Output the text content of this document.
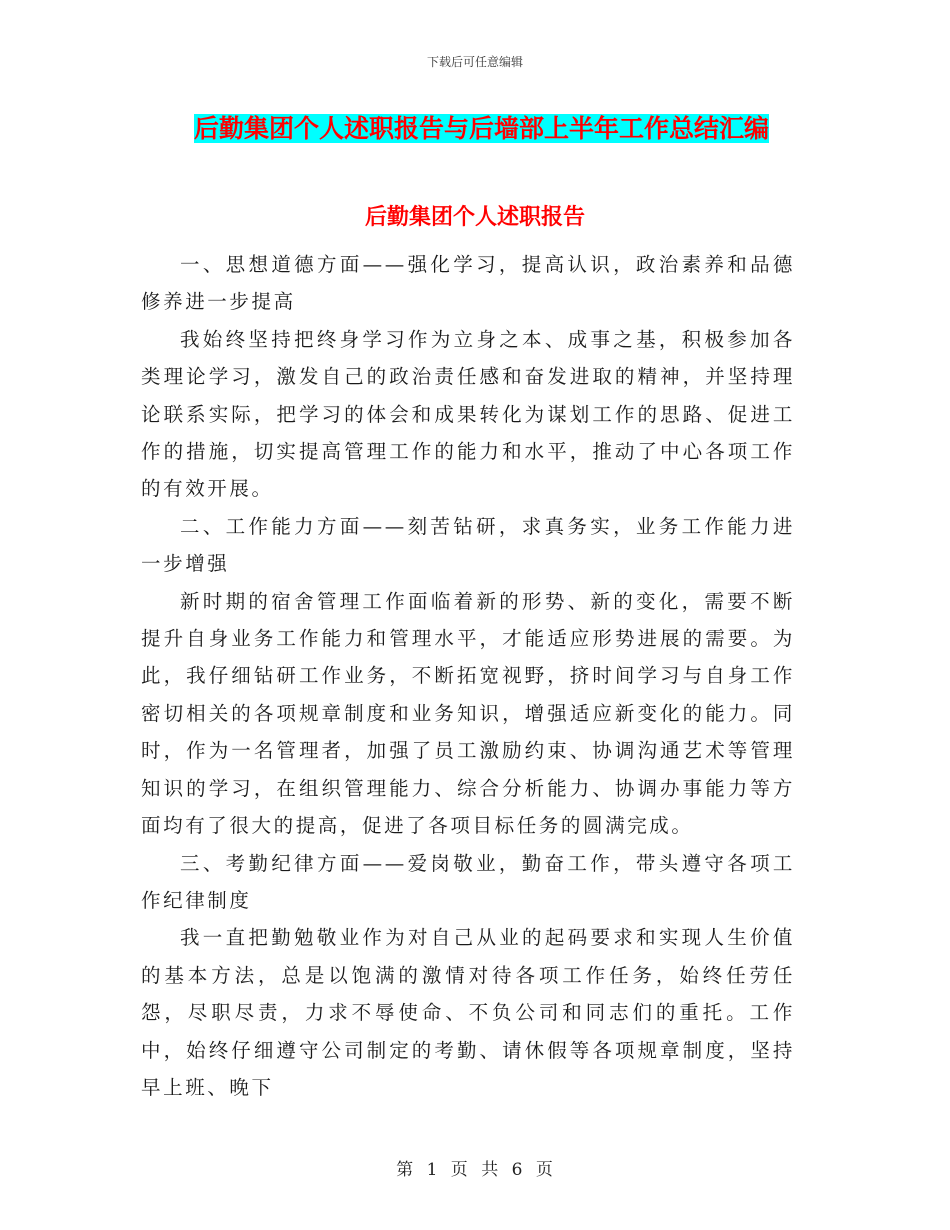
下载后可任意编辑
后勤集团个人述职报告与后墙部上半年工作总结汇编
后勤集团个人述职报告

一、思想道德方面——强化学习，提高认识，政治素养和品德修养进一步提高

我始终坚持把终身学习作为立身之本、成事之基，积极参加各类理论学习，激发自己的政治责任感和奋发进取的精神，并坚持理论联系实际，把学习的体会和成果转化为谋划工作的思路、促进工作的措施，切实提高管理工作的能力和水平，推动了中心各项工作的有效开展。

二、工作能力方面——刻苦钻研，求真务实，业务工作能力进一步增强

新时期的宿舍管理工作面临着新的形势、新的变化，需要不断提升自身业务工作能力和管理水平，才能适应形势进展的需要。为此，我仔细钻研工作业务，不断拓宽视野，挤时间学习与自身工作密切相关的各项规章制度和业务知识，增强适应新变化的能力。同时，作为一名管理者，加强了员工激励约束、协调沟通艺术等管理知识的学习，在组织管理能力、综合分析能力、协调办事能力等方面均有了很大的提高，促进了各项目标任务的圆满完成。

三、考勤纪律方面——爱岗敬业，勤奋工作，带头遵守各项工作纪律制度

我一直把勤勉敬业作为对自己从业的起码要求和实现人生价值的基本方法，总是以饱满的激情对待各项工作任务，始终任劳任怨，尽职尽责，力求不辱使命、不负公司和同志们的重托。工作中，始终仔细遵守公司制定的考勤、请休假等各项规章制度，坚持早上班、晚下

第 1 页 共 6 页
